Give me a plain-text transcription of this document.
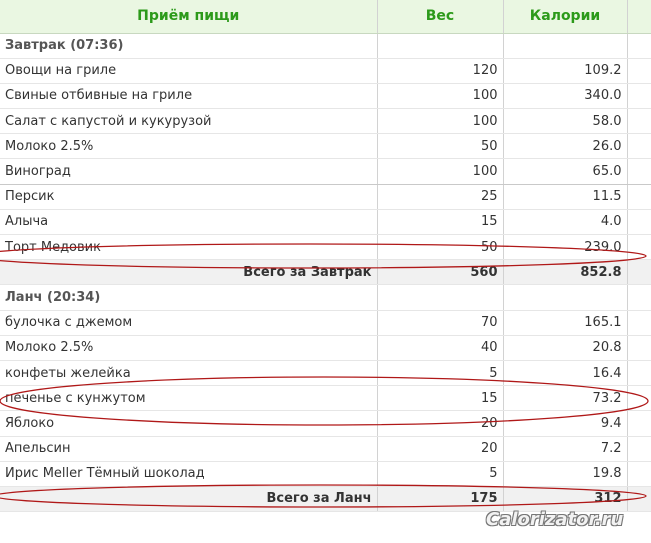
Приём пищи	Вес	Калории	
Завтрак (07:36)			
Овощи на гриле	120	109.2	
Свиные отбивные на гриле	100	340.0	
Салат с капустой и кукурузой	100	58.0	
Молоко 2.5%	50	26.0	
Виноград	100	65.0	
Персик	25	11.5	
Алыча	15	4.0	
Торт Медовик	50	239.0	
Всего за Завтрак	560	852.8	
Ланч (20:34)			
булочка с джемом	70	165.1	
Молоко 2.5%	40	20.8	
конфеты желейка	5	16.4	
печенье с кунжутом	15	73.2	
Яблоко	20	9.4	
Апельсин	20	7.2	
Ирис Meller Тёмный шоколад	5	19.8	
Всего за Ланч	175	312	
Calorizator.ru
